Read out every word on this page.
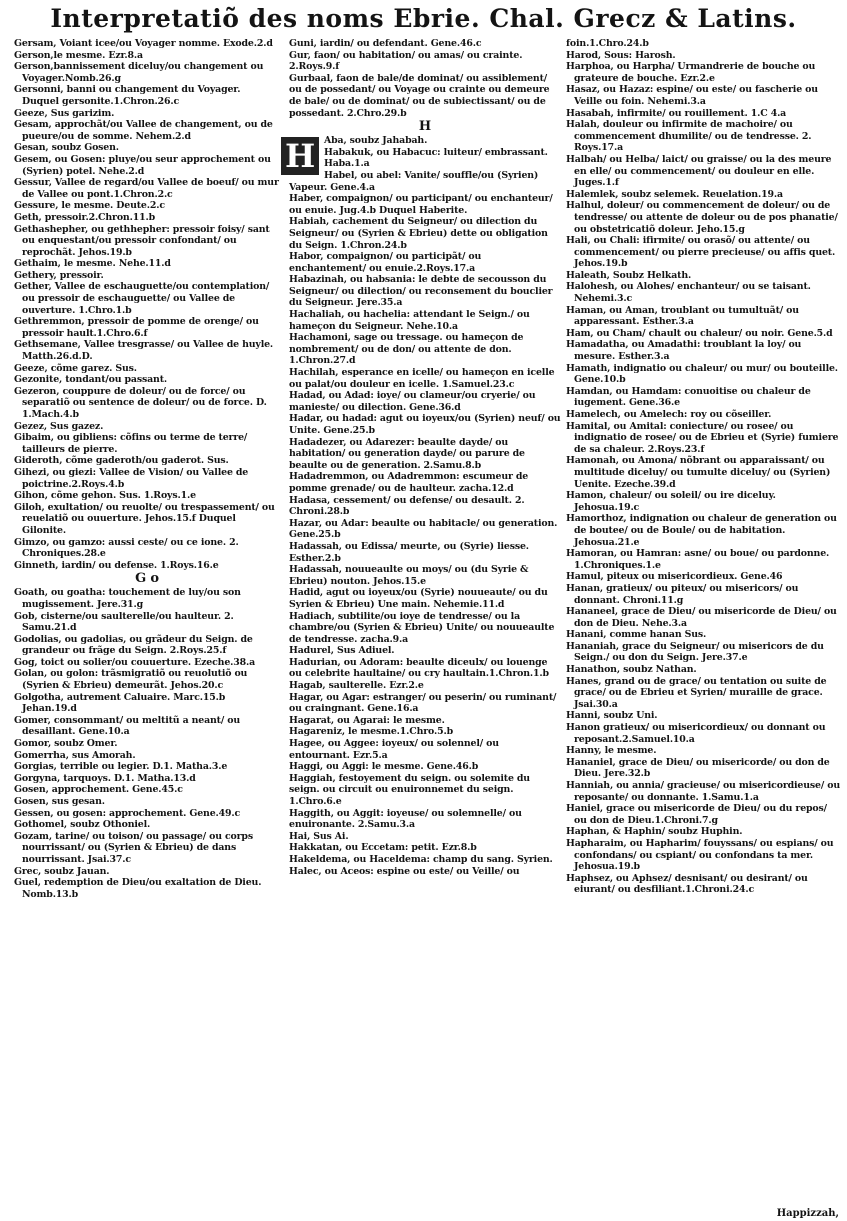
Interpretatiõ des noms Ebrie. Chal. Grecz & Latins.
Gersam, Voiant icee/ou Voyager nomme. Exode.2.d
Gerson,le mesme. Ezr.8.a
Gerson,bannissement diceluy/ou changement ou Voyager.Nomb.26.g
Gersonni, banni ou changement du Voyager. Duquel gersonite.1.Chron.26.c
Geeze, Sus garizim.
Gesam, approchãt/ou Vallee de changement, ou de pueure/ou de somme. Nehem.2.d
Gesan, soubz Gosen.
Gesem, ou Gosen: pluye/ou seur approchement ou (Syrien) potel. Nehe.2.d
Gessur, Vallee de regard/ou Vallee de boeuf/ ou mur de Vallee ou pont.1.Chron.2.c
Gessure, le mesme. Deute.2.c
Geth, pressoir.2.Chron.11.b
Gethashepher, ou gethhepher: pressoir foisy/ sant ou enquestant/ou pressoir confondant/ ou reprochãt. Jehos.19.b
Gethaim, le mesme. Nehe.11.d
Gethery, pressoir.
Gether, Vallee de eschauguette/ou contemplation/ ou pressoir de eschauguette/ ou Vallee de ouverture. 1.Chro.1.b
Gethremmon, pressoir de pomme de orenge/ ou pressoir hault.1.Chro.6.f
Gethsemane, Vallee tresgrasse/ ou Vallee de huyle. Matth.26.d.D.
Geeze, cõme garez. Sus.
Gezonite, tondant/ou passant.
Gezeron, couppure de doleur/ ou de force/ ou separatiõ ou sentence de doleur/ ou de force. D. 1.Mach.4.b
Gezez, Sus gazez.
Gibaim, ou gibliens: cõfins ou terme de terre/ tailleurs de pierre.
Gideroth, cõme gaderoth/ou gaderot. Sus.
Gihezi, ou giezi: Vallee de Vision/ ou Vallee de poictrine.2.Roys.4.b
Gihon, cõme gehon. Sus. 1.Roys.1.e
Giloh, exultation/ ou reuolte/ ou trespassement/ ou reuelatiõ ou ouuerture. Jehos.15.f Duquel Gilonite.
Gimzo, ou gamzo: aussi ceste/ ou ce ione. 2. Chroniques.28.e
Ginneth, iardin/ ou defense. 1.Roys.16.e
G o
Goath, ou goatha: touchement de luy/ou son mugissement. Jere.31.g
Gob, cisterne/ou saulterelle/ou haulteur. 2. Samu.21.d
Godolias, ou gadolias, ou grãdeur du Seign. de grandeur ou frãge du Seign. 2.Roys.25.f
Gog, toict ou solier/ou couuerture. Ezeche.38.a
Golan, ou golon: trãsmigratiõ ou reuolutiõ ou (Syrien & Ebrieu) demeurãt. Jehos.20.c
Golgotha, autrement Caluaire. Marc.15.b Jehan.19.d
Gomer, consommant/ ou meltitũ a neant/ ou desaillant. Gene.10.a
Gomor, soubz Omer.
Gomerrha, sus Amorah.
Gorgias, terrible ou legier. D.1. Matha.3.e
Gorgyna, tarquoys. D.1. Matha.13.d
Gosen, approchement. Gene.45.c
Gosen, sus gesan.
Gessen, ou gosen: approchement. Gene.49.c
Gothomel, soubz Othoniel.
Gozam, tarine/ ou toison/ ou passage/ ou corps nourrissant/ ou (Syrien & Ebrieu) de dans nourrissant. Jsai.37.c
Grec, soubz Jauan.
Guel, redemption de Dieu/ou exaltation de Dieu. Nomb.13.b
Guni, iardin/ ou defendant. Gene.46.c
Gur, faon/ ou habitation/ ou amas/ ou crainte. 2.Roys.9.f
Gurbaal, faon de bale/de dominat/ ou assiblement/ ou de possedant/ ou Voyage ou crainte ou demeure de bale/ ou de dominat/ ou de subiectissant/ ou de possedant. 2.Chro.29.b
H
H Aba, soubz Jahabah.
Habakuk, ou Habacuc: luiteur/ embrassant. Haba.1.a
Habel, ou abel: Vanite/ souffle/ou (Syrien) Vapeur. Gene.4.a
Haber, compaignon/ ou participant/ ou enchanteur/ ou enuie. Jug.4.b Duquel Haberite.
Habiah, cachement du Seigneur/ ou dilection du Seigneur/ ou (Syrien & Ebrieu) dette ou obligation du Seign. 1.Chron.24.b
Habor, compaignon/ ou participãt/ ou enchantement/ ou enuie.2.Roys.17.a
Habazinah, ou habsania: le debte de secousson du Seigneur/ ou dilection/ ou reconsement du bouclier du Seigneur. Jere.35.a
Hachaliah, ou hachelia: attendant le Seign./ ou hameçon du Seigneur. Nehe.10.a
Hachamoni, sage ou tressage. ou hameçon de nombrement/ ou de don/ ou attente de don. 1.Chron.27.d
Hachilah, esperance en icelle/ ou hameçon en icelle ou palat/ou douleur en icelle. 1.Samuel.23.c
Hadad, ou Adad: ioye/ ou clameur/ou cryerie/ ou manieste/ ou dilection. Gene.36.d
Hadar, ou hadad: agut ou ioyeux/ou (Syrien) neuf/ ou Unite. Gene.25.b
Hadadezer, ou Adarezer: beaulte dayde/ ou habitation/ ou generation dayde/ ou parure de beaulte ou de generation. 2.Samu.8.b
Hadadremmon, ou Adadremmon: escumeur de pomme grenade/ ou de haulteur. zacha.12.d
Hadasa, cessement/ ou defense/ ou desault. 2. Chroni.28.b
Hazar, ou Adar: beaulte ou habitacle/ ou generation. Gene.25.b
Hadassah, ou Edissa/ meurte, ou (Syrie) liesse. Esther.2.b
Hadassah, nouueaulte ou moys/ ou (du Syrie & Ebrieu) nouton. Jehos.15.e
Hadid, agut ou ioyeux/ou (Syrie) nouueaute/ ou du Syrien & Ebrieu) Une main. Nehemie.11.d
Hadiach, subtilite/ou ioye de tendresse/ ou la chambre/ou (Syrien & Ebrieu) Unite/ ou nouueaulte de tendresse. zacha.9.a
Hadurel, Sus Adiuel.
Hadurian, ou Adoram: beaulte diceulx/ ou louenge ou celebrite haultaine/ ou cry haultain.1.Chron.1.b
Hagab, saulterelle. Ezr.2.e
Hagar, ou Agar: estranger/ ou peserin/ ou ruminant/ ou craingnant. Gene.16.a
Hagarat, ou Agarai: le mesme.
Hagareniz, le mesme.1.Chro.5.b
Hagee, ou Aggee: ioyeux/ ou solennel/ ou entournant. Ezr.5.a
Haggi, ou Aggi: le mesme. Gene.46.b
Haggiah, festoyement du seign. ou solemite du seign. ou circuit ou enuironnemet du seign. 1.Chro.6.e
Haggith, ou Aggit: ioyeuse/ ou solemnelle/ ou enuironante. 2.Samu.3.a
Hai, Sus Ai.
Hakkatan, ou Eccetam: petit. Ezr.8.b
Hakeldema, ou Haceldema: champ du sang. Syrien.
Halec, ou Aceos: espine ou este/ ou Veille/ ou
foin.1.Chro.24.b
Harod, Sous: Harosh.
Harphoa, ou Harpha/ Urmandrerie de bouche ou grateure de bouche. Ezr.2.e
Hasaz, ou Hazaz: espine/ ou este/ ou fascherie ou Veille ou foin. Nehemi.3.a
Hasabah, infirmite/ ou rouillement. 1.C 4.a
Halah, douleur ou infirmite de machoire/ ou commencement dhumilite/ ou de tendresse. 2. Roys.17.a
Halbah/ ou Helba/ laict/ ou graisse/ ou la des meure en elle/ ou commencement/ ou douleur en elle. Juges.1.f
Halemlek, soubz selemek. Reuelation.19.a
Halhul, doleur/ ou commencement de doleur/ ou de tendresse/ ou attente de doleur ou de pos phanatie/ ou obstetricatiõ doleur. Jeho.15.g
Hali, ou Chali: ifirmite/ ou orasõ/ ou attente/ ou commencement/ ou pierre precieuse/ ou affis quet. Jehos.19.b
Haleath, Soubz Helkath.
Halohesh, ou Alohes/ enchanteur/ ou se taisant. Nehemi.3.c
Haman, ou Aman, troublant ou tumultuãt/ ou apparessant. Esther.3.a
Ham, ou Cham/ chault ou chaleur/ ou noir. Gene.5.d
Hamadatha, ou Amadathi: troublant la loy/ ou mesure. Esther.3.a
Hamath, indignatio ou chaleur/ ou mur/ ou bouteille. Gene.10.b
Hamdan, ou Hamdam: conuoitise ou chaleur de iugement. Gene.36.e
Hamelech, ou Amelech: roy ou cõseiller.
Hamital, ou Amital: coniecture/ ou rosee/ ou indignatio de rosee/ ou de Ebrieu et (Syrie) fumiere de sa chaleur. 2.Roys.23.f
Hamonah, ou Amona/ nõbrant ou apparaissant/ ou multitude diceluy/ ou tumulte diceluy/ ou (Syrien) Uenite. Ezeche.39.d
Hamon, chaleur/ ou soleil/ ou ire diceluy. Jehosua.19.c
Hamorthoz, indignation ou chaleur de generation ou de boutee/ ou de Boule/ ou de habitation. Jehosua.21.e
Hamoran, ou Hamran: asne/ ou boue/ ou pardonne. 1.Chroniques.1.e
Hamul, piteux ou misericordieux. Gene.46
Hanan, gratieux/ ou piteux/ ou misericors/ ou donnant. Chroni.11.g
Hananeel, grace de Dieu/ ou misericorde de Dieu/ ou don de Dieu. Nehe.3.a
Hanani, comme hanan Sus.
Hananiah, grace du Seigneur/ ou misericors de du Seign./ ou don du Seign. Jere.37.e
Hanathon, soubz Nathan.
Hanes, grand ou de grace/ ou tentation ou suite de grace/ ou de Ebrieu et Syrien/ muraille de grace. Jsai.30.a
Hanni, soubz Uni.
Hanon gratieux/ ou misericordieux/ ou donnant ou reposant.2.Samuel.10.a
Hanny, le mesme.
Hananiel, grace de Dieu/ ou misericorde/ ou don de Dieu. Jere.32.b
Hanniah, ou annia/ gracieuse/ ou misericordieuse/ ou reposante/ ou donnante. 1.Samu.1.a
Haniel, grace ou misericorde de Dieu/ ou du repos/ ou don de Dieu.1.Chroni.7.g
Haphan, & Haphin/ soubz Huphin.
Hapharaim, ou Hapharim/ fouyssans/ ou espians/ ou confondans/ ou cspiant/ ou confondans ta mer. Jehosua.19.b
Haphsez, ou Aphsez/ desnisant/ ou desirant/ ou eiurant/ ou desfiliant.1.Chroni.24.c
Happizzah,
